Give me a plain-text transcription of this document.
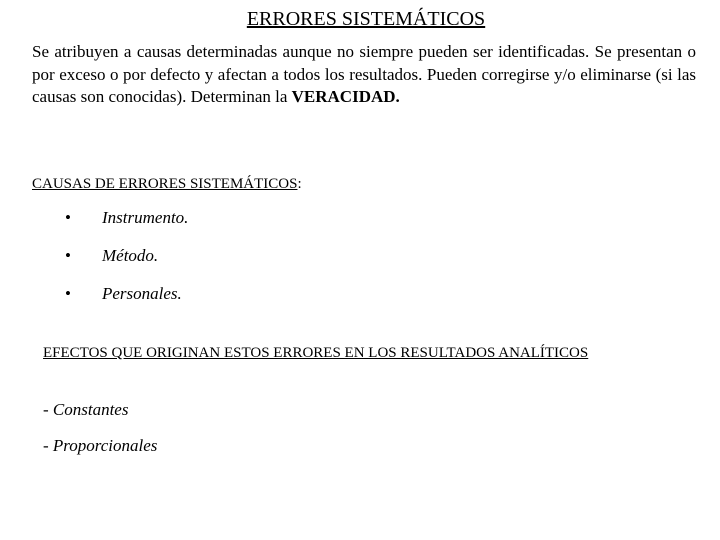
ERRORES SISTEMÁTICOS

Se atribuyen a causas determinadas aunque no siempre pueden ser identificadas. Se presentan o por exceso o por defecto y afectan a todos los resultados. Pueden corregirse y/o eliminarse (si las causas son conocidas). Determinan la VERACIDAD.

CAUSAS DE ERRORES SISTEMÁTICOS:
• Instrumento.
• Método.
• Personales.
EFECTOS QUE ORIGINAN ESTOS ERRORES EN LOS RESULTADOS ANALÍTICOS
- Constantes
- Proporcionales
